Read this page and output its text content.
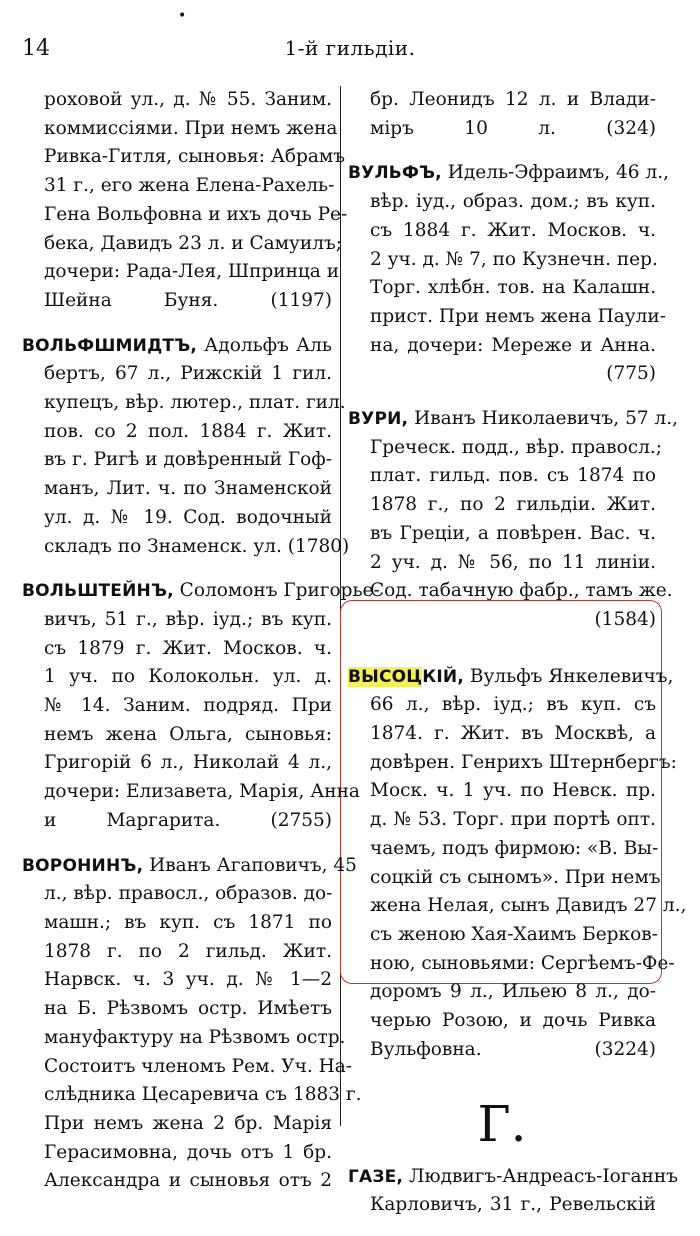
•
14	1-й гильдіи.
роховой ул., д. № 55. Заним.
коммиссіями. При немъ жена
Ривка-Гитля, сыновья: Абрамъ
31 г., его жена Елена-Рахель-
Гена Вольфовна и ихъ дочь Ре-
бека, Давидъ 23 л. и Самуилъ;
дочери: Рада-Лея, Шпринца и
Шейна Буня. (1197)
ВОЛЬФШМИДТЪ, Адольфъ Аль
бертъ, 67 л., Рижскій 1 гил.
купецъ, вѣр. лютер., плат. гил.
пов. со 2 пол. 1884 г. Жит.
въ г. Ригѣ и довѣренный Гоф-
манъ, Лит. ч. по Знаменской
ул. д. № 19. Сод. водочный
складъ по Знаменск. ул. (1780)
ВОЛЬШТЕЙНЪ, Соломонъ Григорье-
вичъ, 51 г., вѣр. іуд.; въ куп.
съ 1879 г. Жит. Москов. ч.
1 уч. по Колокольн. ул. д.
№ 14. Заним. подряд. При
немъ жена Ольга, сыновья:
Григорій 6 л., Николай 4 л.,
дочери: Елизавета, Марія, Анна
и Маргарита. (2755)
ВОРОНИНЪ, Иванъ Агаповичъ, 45
л., вѣр. правосл., образов. до-
машн.; въ куп. съ 1871 по
1878 г. по 2 гильд. Жит.
Нарвск. ч. 3 уч. д. № 1—2
на Б. Рѣзвомъ остр. Имѣетъ
мануфактуру на Рѣзвомъ остр.
Состоитъ членомъ Рем. Уч. На-
слѣдника Цесаревича съ 1883 г.
При немъ жена 2 бр. Марія
Герасимовна, дочь отъ 1 бр.
Александра и сыновья отъ 2
бр. Леонидъ 12 л. и Влади-
міръ 10 л. (324)
ВУЛЬФЪ, Идель-Эфраимъ, 46 л.,
вѣр. іуд., образ. дом.; въ куп.
съ 1884 г. Жит. Москов. ч.
2 уч. д. № 7, по Кузнечн. пер.
Торг. хлѣбн. тов. на Калашн.
прист. При немъ жена Паули-
на, дочери: Мереже и Анна.
(775)
ВУРИ, Иванъ Николаевичъ, 57 л.,
Греческ. подд., вѣр. правосл.;
плат. гильд. пов. съ 1874 по
1878 г., по 2 гильдіи. Жит.
въ Греціи, а повѣрен. Вас. ч.
2 уч. д. № 56, по 11 линіи.
Сод. табачную фабр., тамъ же.
(1584)
ВЫСОЦКІЙ, Вульфъ Янкелевичъ,
66 л., вѣр. іуд.; въ куп. съ
1874. г. Жит. въ Москвѣ, а
довѣрен. Генрихъ Штернбергъ:
Моск. ч. 1 уч. по Невск. пр.
д. № 53. Торг. при портѣ опт.
чаемъ, подъ фирмою: «В. Вы-
соцкій съ сыномъ». При немъ
жена Нелая, сынъ Давидъ 27 л.,
съ женою Хая-Хаимъ Берков-
ною, сыновьями: Сергѣемъ-Фе-
доромъ 9 л., Ильею 8 л., до-
черью Розою, и дочь Ривка
Вульфовна. (3224)
Г.
ГАЗЕ, Людвигъ-Андреасъ-Іоганнъ
Карловичъ, 31 г., Ревельскій
